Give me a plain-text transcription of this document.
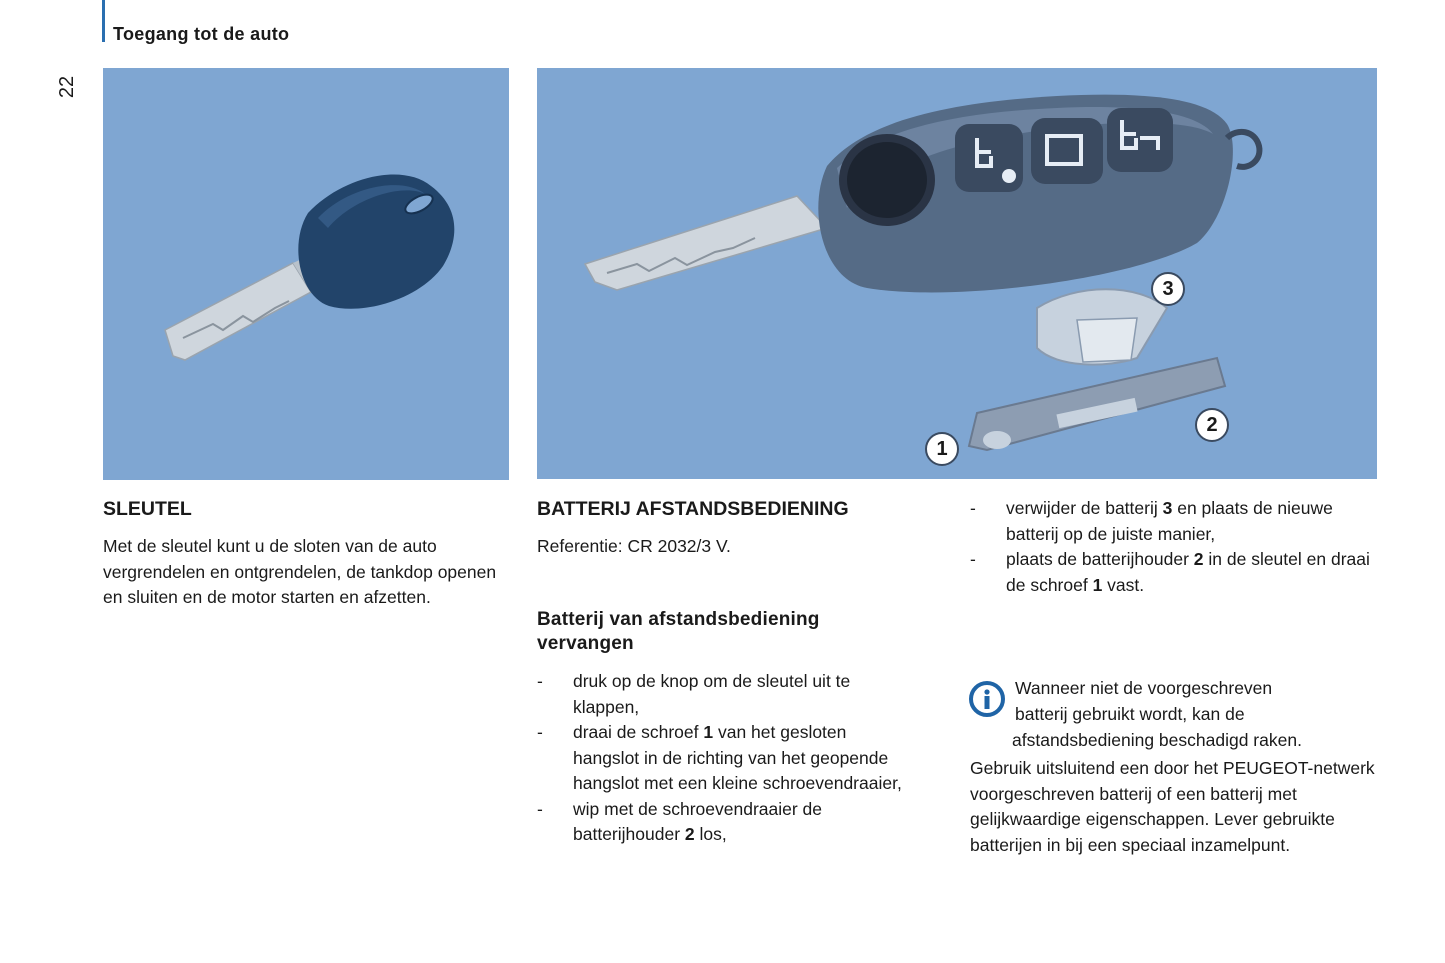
Toegang tot de auto
22
3
2
1
SLEUTEL
Met de sleutel kunt u de sloten van de auto vergrendelen en ontgrendelen, de tankdop openen en sluiten en de motor starten en afzetten.
BATTERIJ AFSTANDSBEDIENING
Referentie: CR 2032/3 V.
Batterij van afstandsbediening vervangen
- druk op de knop om de sleutel uit te klappen,
- draai de schroef 1 van het gesloten hangslot in de richting van het geopende hangslot met een kleine schroevendraaier,
- wip met de schroevendraaier de batterijhouder 2 los,
- verwijder de batterij 3 en plaats de nieuwe batterij op de juiste manier,
- plaats de batterijhouder 2 in de sleutel en draai de schroef 1 vast.
Wanneer niet de voorgeschreven
batterij gebruikt wordt, kan de
afstandsbediening beschadigd raken.
Gebruik uitsluitend een door het PEUGEOT-netwerk voorgeschreven batterij of een batterij met gelijkwaardige eigenschappen. Lever gebruikte batterijen in bij een speciaal inzamelpunt.
